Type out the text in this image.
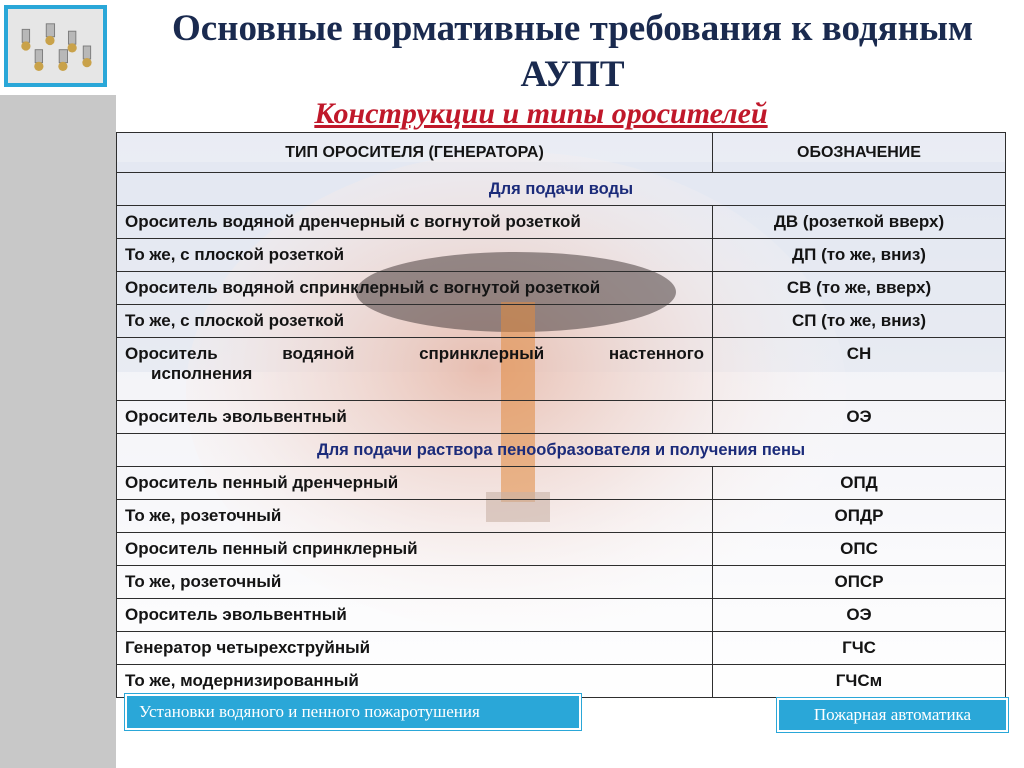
Основные нормативные требования к водяным
АУПТ
Конструкции и типы оросителей
ТИП ОРОСИТЕЛЯ (ГЕНЕРАТОРА)	ОБОЗНАЧЕНИЕ
Для подачи воды	
Ороситель водяной дренчерный с вогнутой розеткой	ДВ (розеткой вверх)
То же, с плоской розеткой	ДП (то же, вниз)
Ороситель водяной спринклерный с вогнутой розеткой	СВ (то же, вверх)
То же, с плоской розеткой	СП (то же, вниз)

Ороситель водяной спринклерный настенного
исполнения	СН
Ороситель эвольвентный	ОЭ
Для подачи раствора пенообразователя и получения пены	
Ороситель пенный дренчерный	ОПД
То же, розеточный	ОПДР
Ороситель пенный спринклерный	ОПС
То же, розеточный	ОПСР
Ороситель эвольвентный	ОЭ
Генератор четырехструйный	ГЧС
То же, модернизированный	ГЧСм
Установки водяного и пенного пожаротушения	Пожарная автоматика
